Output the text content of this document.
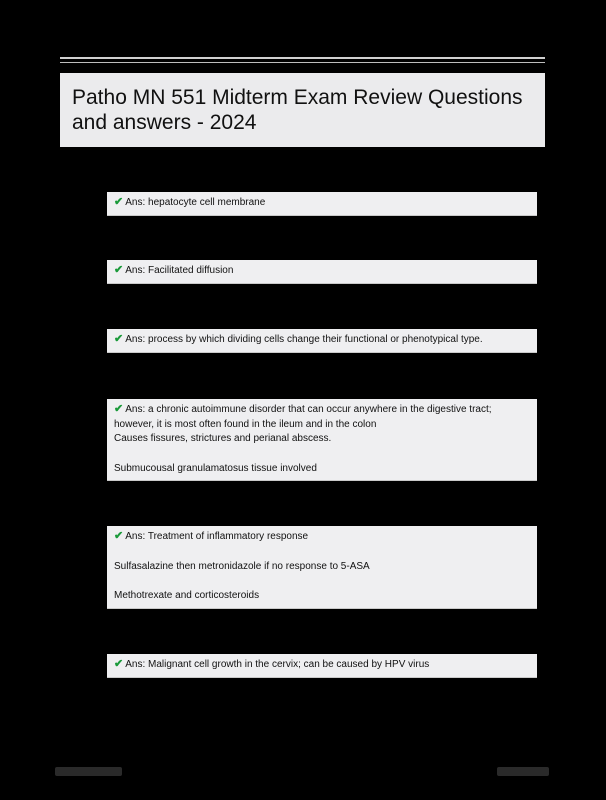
Patho MN 551 Midterm Exam Review Questions and answers - 2024

✔ Ans: hepatocyte cell membrane

✔ Ans: Facilitated diffusion

✔ Ans: process by which dividing cells change their functional or phenotypical type.

✔ Ans: a chronic autoimmune disorder that can occur anywhere in the digestive tract; however, it is most often found in the ileum and in the colon

Causes fissures, strictures and perianal abscess.

Submucousal granulamatosus tissue involved

✔ Ans: Treatment of inflammatory response

Sulfasalazine then metronidazole if no response to 5-ASA

Methotrexate and corticosteroids

✔ Ans: Malignant cell growth in the cervix; can be caused by HPV virus
